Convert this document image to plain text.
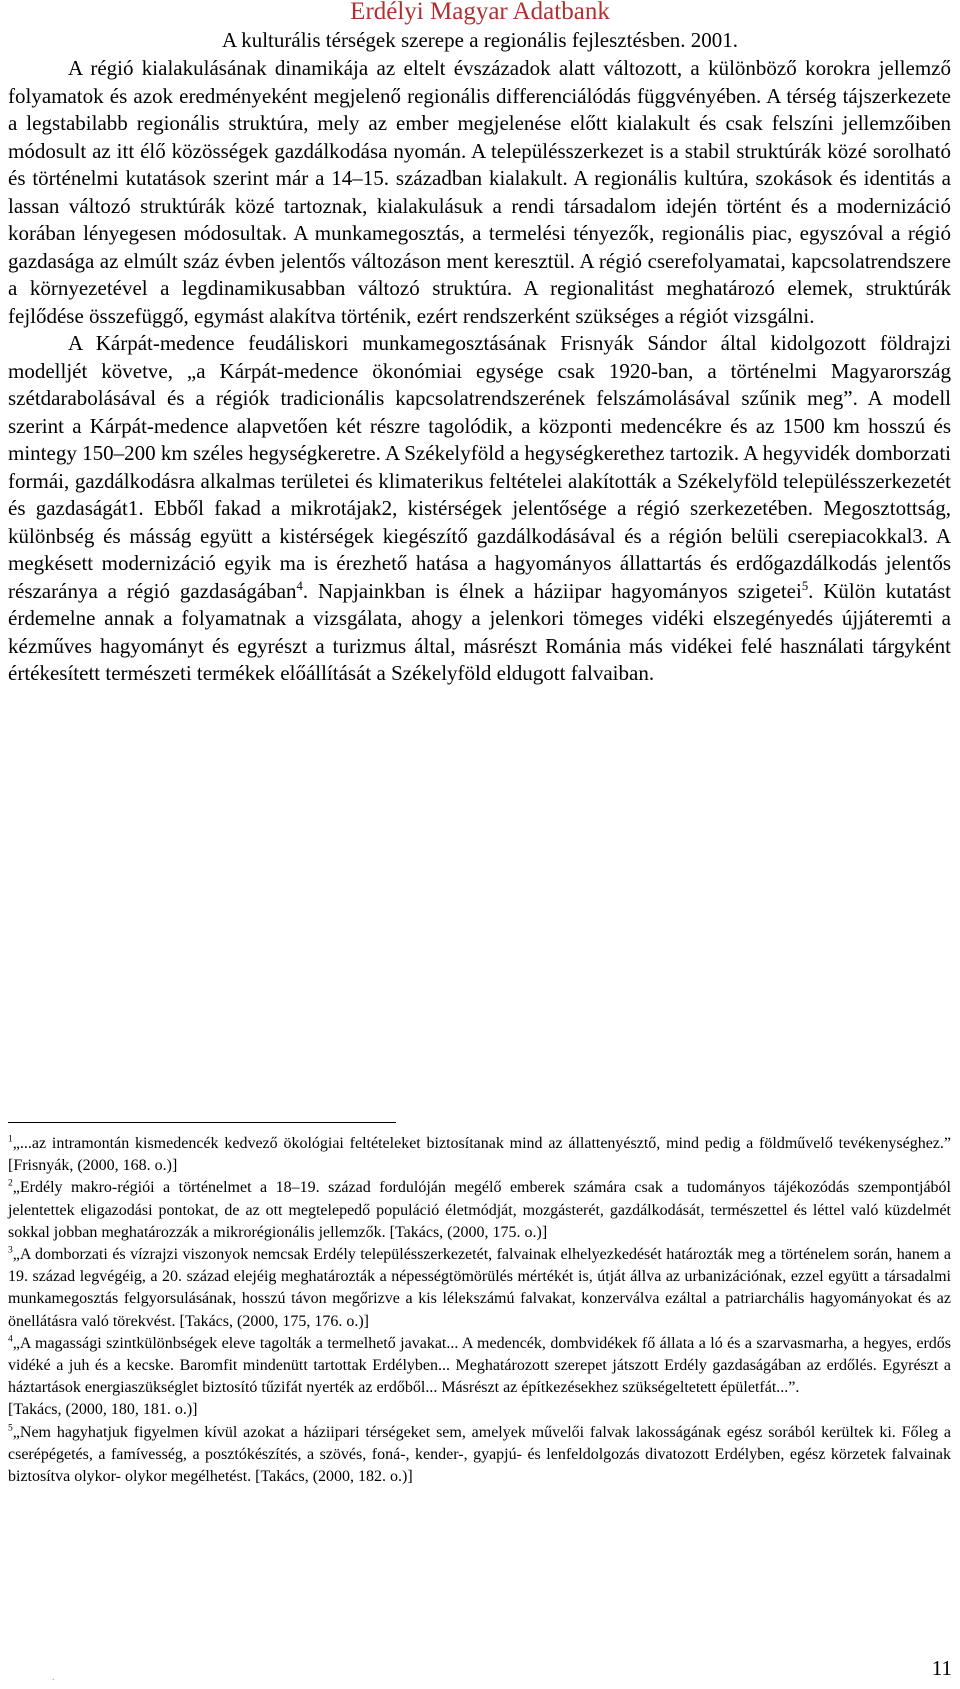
Erdélyi Magyar Adatbank
A kulturális térségek szerepe a regionális fejlesztésben. 2001.

A régió kialakulásának dinamikája az eltelt évszázadok alatt változott, a különböző korokra jellemző folyamatok és azok eredményeként megjelenő regionális differenciálódás függvényében. A térség tájszerkezete a legstabilabb regionális struktúra, mely az ember megjelenése előtt kialakult és csak felszíni jellemzőiben módosult az itt élő közösségek gazdálkodása nyomán. A településszerkezet is a stabil struktúrák közé sorolható és történelmi kutatások szerint már a 14–15. században kialakult. A regionális kultúra, szokások és identitás a lassan változó struktúrák közé tartoznak, kialakulásuk a rendi társadalom idején történt és a modernizáció korában lényegesen módosultak. A munkamegosztás, a termelési tényezők, regionális piac, egyszóval a régió gazdasága az elmúlt száz évben jelentős változáson ment keresztül. A régió cserefolyamatai, kapcsolatrendszere a környezetével a legdinamikusabban változó struktúra. A regionalitást meghatározó elemek, struktúrák fejlődése összefüggő, egymást alakítva történik, ezért rendszerként szükséges a régiót vizsgálni.

A Kárpát-medence feudáliskori munkamegosztásának Frisnyák Sándor által kidolgozott földrajzi modelljét követve, „a Kárpát-medence ökonómiai egysége csak 1920-ban, a történelmi Magyarország szétdarabolásával és a régiók tradicionális kapcsolatrendszerének felszámolásával szűnik meg”. A modell szerint a Kárpát-medence alapvetően két részre tagolódik, a központi medencékre és az 1500 km hosszú és mintegy 150–200 km széles hegységkeretre. A Székelyföld a hegységkerethez tartozik. A hegyvidék domborzati formái, gazdálkodásra alkalmas területei és klimaterikus feltételei alakították a Székelyföld településszerkezetét és gazdaságát1. Ebből fakad a mikrotájak2, kistérségek jelentősége a régió szerkezetében. Megosztottság, különbség és másság együtt a kistérségek kiegészítő gazdálkodásával és a régión belüli cserepiacokkal3. A megkésett modernizáció egyik ma is érezhető hatása a hagyományos állattartás és erdőgazdálkodás jelentős részaránya a régió gazdaságában$^4$. Napjainkban is élnek a háziipar hagyományos szigetei$^5$. Külön kutatást érdemelne annak a folyamatnak a vizsgálata, ahogy a jelenkori tömeges vidéki elszegényedés újjáteremti a kézműves hagyományt és egyrészt a turizmus által, másrészt Románia más vidékei felé használati tárgyként értékesített természeti termékek előállítását a Székelyföld eldugott falvaiban.

$^1$„...az intramontán kismedencék kedvező ökológiai feltételeket biztosítanak mind az állattenyésztő, mind pedig a földművelő tevékenységhez.” [Frisnyák, (2000, 168. o.)]

$^2$„Erdély makro-régiói a történelmet a 18–19. század fordulóján megélő emberek számára csak a tudományos tájékozódás szempontjából jelentettek eligazodási pontokat, de az ott megtelepedő populáció életmódját, mozgásterét, gazdálkodását, természettel és léttel való küzdelmét sokkal jobban meghatározzák a mikrorégionális jellemzők. [Takács, (2000, 175. o.)]

$^3$„A domborzati és vízrajzi viszonyok nemcsak Erdély településszerkezetét, falvainak elhelyezkedését határozták meg a történelem során, hanem a 19. század legvégéig, a 20. század elejéig meghatározták a népességtömörülés mértékét is, útját állva az urbanizációnak, ezzel együtt a társadalmi munkamegosztás felgyorsulásának, hosszú távon megőrizve a kis lélekszámú falvakat, konzerválva ezáltal a patriarchális hagyományokat és az önellátásra való törekvést. [Takács, (2000, 175, 176. o.)]

$^4$„A magassági szintkülönbségek eleve tagolták a termelhető javakat... A medencék, dombvidékek fő állata a ló és a szarvasmarha, a hegyes, erdős vidéké a juh és a kecske. Baromfit mindenütt tartottak Erdélyben... Meghatározott szerepet játszott Erdély gazdaságában az erdőlés. Egyrészt a háztartások energiaszükséglet biztosító tűzifát nyerték az erdőből... Másrészt az építkezésekhez szükségeltetett épületfát...”.

[Takács, (2000, 180, 181. o.)]

$^5$„Nem hagyhatjuk figyelmen kívül azokat a háziipari térségeket sem, amelyek művelői falvak lakosságának egész sorából kerültek ki. Főleg a cserépégetés, a famívesség, a posztókészítés, a szövés, foná-, kender-, gyapjú- és lenfeldolgozás divatozott Erdélyben, egész körzetek falvainak biztosítva olykor- olykor megélhetést. [Takács, (2000, 182. o.)]

.	11
